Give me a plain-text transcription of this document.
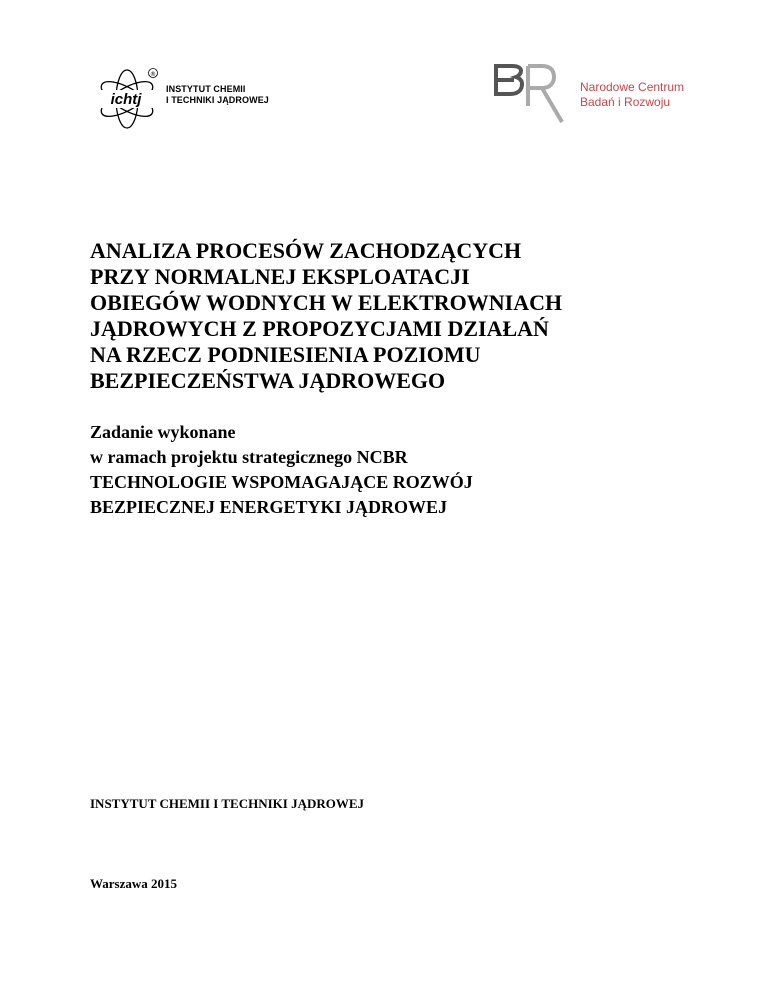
ichtj
®
INSTYTUT CHEMII
I TECHNIKI JĄDROWEJ
Narodowe Centrum
Badań i Rozwoju
ANALIZA PROCESÓW ZACHODZĄCYCH
PRZY NORMALNEJ EKSPLOATACJI
OBIEGÓW WODNYCH W ELEKTROWNIACH
JĄDROWYCH Z PROPOZYCJAMI DZIAŁAŃ
NA RZECZ PODNIESIENIA POZIOMU
BEZPIECZEŃSTWA JĄDROWEGO
Zadanie wykonane
w ramach projektu strategicznego NCBR
TECHNOLOGIE WSPOMAGAJĄCE ROZWÓJ
BEZPIECZNEJ ENERGETYKI JĄDROWEJ
INSTYTUT CHEMII I TECHNIKI JĄDROWEJ
Warszawa 2015
